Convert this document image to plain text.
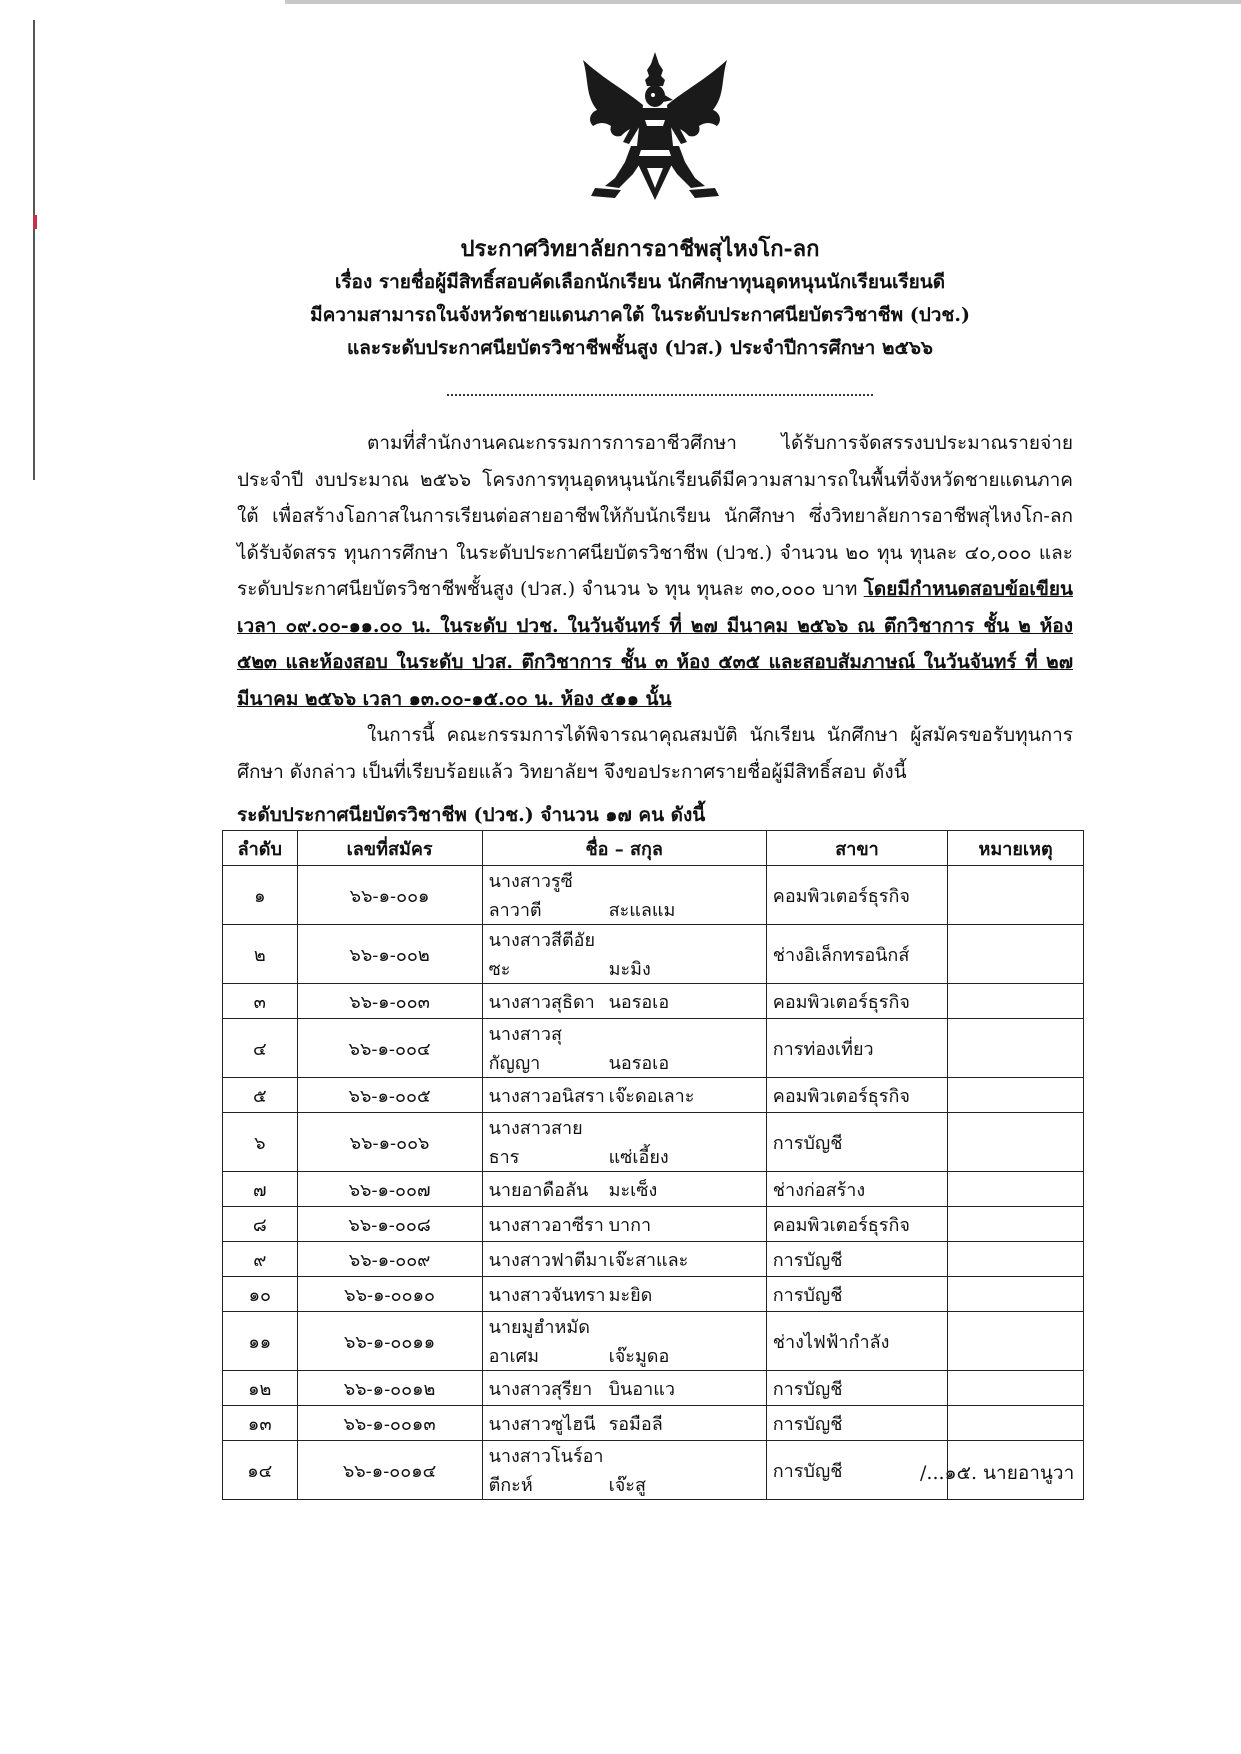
ประกาศวิทยาลัยการอาชีพสุไหงโก-ลก

เรื่อง รายชื่อผู้มีสิทธิ์สอบคัดเลือกนักเรียน นักศึกษาทุนอุดหนุนนักเรียนเรียนดี

มีความสามารถในจังหวัดชายแดนภาคใต้ ในระดับประกาศนียบัตรวิชาชีพ (ปวช.)

และระดับประกาศนียบัตรวิชาชีพชั้นสูง (ปวส.) ประจำปีการศึกษา ๒๕๖๖

ตามที่สำนักงานคณะกรรมการการอาชีวศึกษา ได้รับการจัดสรรงบประมาณรายจ่ายประจำปี งบประมาณ ๒๕๖๖ โครงการทุนอุดหนุนนักเรียนดีมีความสามารถในพื้นที่จังหวัดชายแดนภาคใต้ เพื่อสร้างโอกาสในการเรียนต่อสายอาชีพให้กับนักเรียน นักศึกษา ซึ่งวิทยาลัยการอาชีพสุไหงโก-ลก ได้รับจัดสรร ทุนการศึกษา ในระดับประกาศนียบัตรวิชาชีพ (ปวช.) จำนวน ๒๐ ทุน ทุนละ ๔๐,๐๐๐ และ ระดับประกาศนียบัตรวิชาชีพชั้นสูง (ปวส.) จำนวน ๖ ทุน ทุนละ ๓๐,๐๐๐ บาท โดยมีกำหนดสอบข้อเขียน เวลา ๐๙.๐๐-๑๑.๐๐ น. ในระดับ ปวช. ในวันจันทร์ ที่ ๒๗ มีนาคม ๒๕๖๖ ณ ตึกวิชาการ ชั้น ๒ ห้อง ๕๒๓ และห้องสอบ ในระดับ ปวส. ตึกวิชาการ ชั้น ๓ ห้อง ๕๓๕ และสอบสัมภาษณ์ ในวันจันทร์ ที่ ๒๗ มีนาคม ๒๕๖๖ เวลา ๑๓.๐๐-๑๕.๐๐ น. ห้อง ๕๑๑ นั้น
ในการนี้ คณะกรรมการได้พิจารณาคุณสมบัติ นักเรียน นักศึกษา ผู้สมัครขอรับทุนการศึกษา ดังกล่าว เป็นที่เรียบร้อยแล้ว วิทยาลัยฯ จึงขอประกาศรายชื่อผู้มีสิทธิ์สอบ ดังนี้
ระดับประกาศนียบัตรวิชาชีพ (ปวช.) จำนวน ๑๗ คน ดังนี้
ลำดับ	เลขที่สมัคร	ชื่อ – สกุล	สาขา	หมายเหตุ
๑	๖๖-๑-๐๐๑	นางสาวรูซีลาวาตี สะแลแม	คอมพิวเตอร์ธุรกิจ	
๒	๖๖-๑-๐๐๒	นางสาวสีตีอัยซะ มะมิง	ช่างอิเล็กทรอนิกส์	
๓	๖๖-๑-๐๐๓	นางสาวสุธิดา นอรอเอ	คอมพิวเตอร์ธุรกิจ	
๔	๖๖-๑-๐๐๔	นางสาวสุกัญญา นอรอเอ	การท่องเที่ยว	
๕	๖๖-๑-๐๐๕	นางสาวอนิสรา เจ๊ะดอเลาะ	คอมพิวเตอร์ธุรกิจ	
๖	๖๖-๑-๐๐๖	นางสาวสายธาร แซ่เอี้ยง	การบัญชี	
๗	๖๖-๑-๐๐๗	นายอาดือลัน มะเซ็ง	ช่างก่อสร้าง	
๘	๖๖-๑-๐๐๘	นางสาวอาซีรา บากา	คอมพิวเตอร์ธุรกิจ	
๙	๖๖-๑-๐๐๙	นางสาวฟาตีมาเจ๊ะสาและ	การบัญชี	
๑๐	๖๖-๑-๐๐๑๐	นางสาวจันทรา มะยิด	การบัญชี	
๑๑	๖๖-๑-๐๐๑๑	นายมูฮำหมัดอาเศม เจ๊ะมูดอ	ช่างไฟฟ้ากำลัง	
๑๒	๖๖-๑-๐๐๑๒	นางสาวสุรียา บินอาแว	การบัญชี	
๑๓	๖๖-๑-๐๐๑๓	นางสาวซูไฮนี รอมือลี	การบัญชี	
๑๔	๖๖-๑-๐๐๑๔	นางสาวโนร์อาตีกะห์ เจ๊ะสู	การบัญชี		/...๑๕. นายอานูวา
